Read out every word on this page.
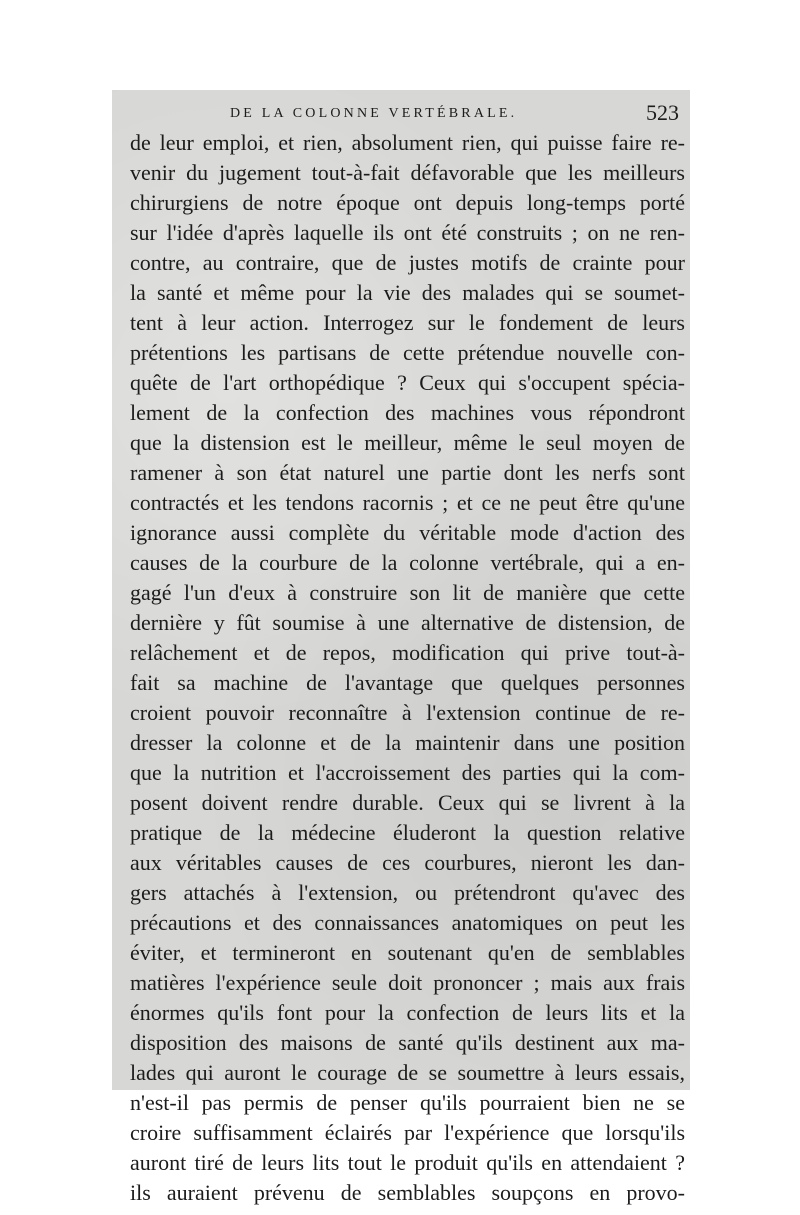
DE LA COLONNE VERTÉBRALE.	523
de leur emploi, et rien, absolument rien, qui puisse faire re-
venir du jugement tout-à-fait défavorable que les meilleurs
chirurgiens de notre époque ont depuis long-temps porté
sur l'idée d'après laquelle ils ont été construits ; on ne ren-
contre, au contraire, que de justes motifs de crainte pour
la santé et même pour la vie des malades qui se soumet-
tent à leur action. Interrogez sur le fondement de leurs
prétentions les partisans de cette prétendue nouvelle con-
quête de l'art orthopédique ? Ceux qui s'occupent spécia-
lement de la confection des machines vous répondront
que la distension est le meilleur, même le seul moyen de
ramener à son état naturel une partie dont les nerfs sont
contractés et les tendons racornis ; et ce ne peut être qu'une
ignorance aussi complète du véritable mode d'action des
causes de la courbure de la colonne vertébrale, qui a en-
gagé l'un d'eux à construire son lit de manière que cette
dernière y fût soumise à une alternative de distension, de
relâchement et de repos, modification qui prive tout-à-
fait sa machine de l'avantage que quelques personnes
croient pouvoir reconnaître à l'extension continue de re-
dresser la colonne et de la maintenir dans une position
que la nutrition et l'accroissement des parties qui la com-
posent doivent rendre durable. Ceux qui se livrent à la
pratique de la médecine éluderont la question relative
aux véritables causes de ces courbures, nieront les dan-
gers attachés à l'extension, ou prétendront qu'avec des
précautions et des connaissances anatomiques on peut les
éviter, et termineront en soutenant qu'en de semblables
matières l'expérience seule doit prononcer ; mais aux frais
énormes qu'ils font pour la confection de leurs lits et la
disposition des maisons de santé qu'ils destinent aux ma-
lades qui auront le courage de se soumettre à leurs essais,
n'est-il pas permis de penser qu'ils pourraient bien ne se
croire suffisamment éclairés par l'expérience que lorsqu'ils
auront tiré de leurs lits tout le produit qu'ils en attendaient ?
ils auraient prévenu de semblables soupçons en provo-
